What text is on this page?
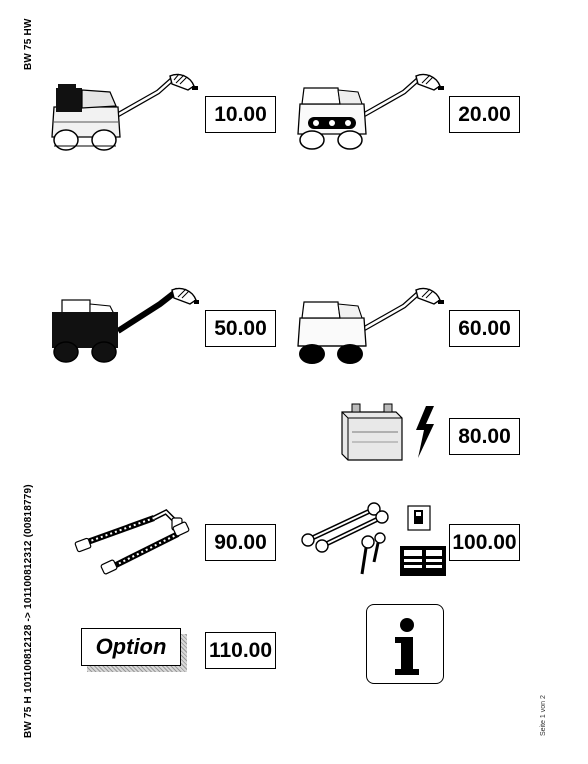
BW 75 HW
BW 75 H 101100812128 -> 101100812312 (00818779)	Seite 1 von 2
10.00	20.00
50.00	60.00
80.00
90.00	100.00
Option	110.00
